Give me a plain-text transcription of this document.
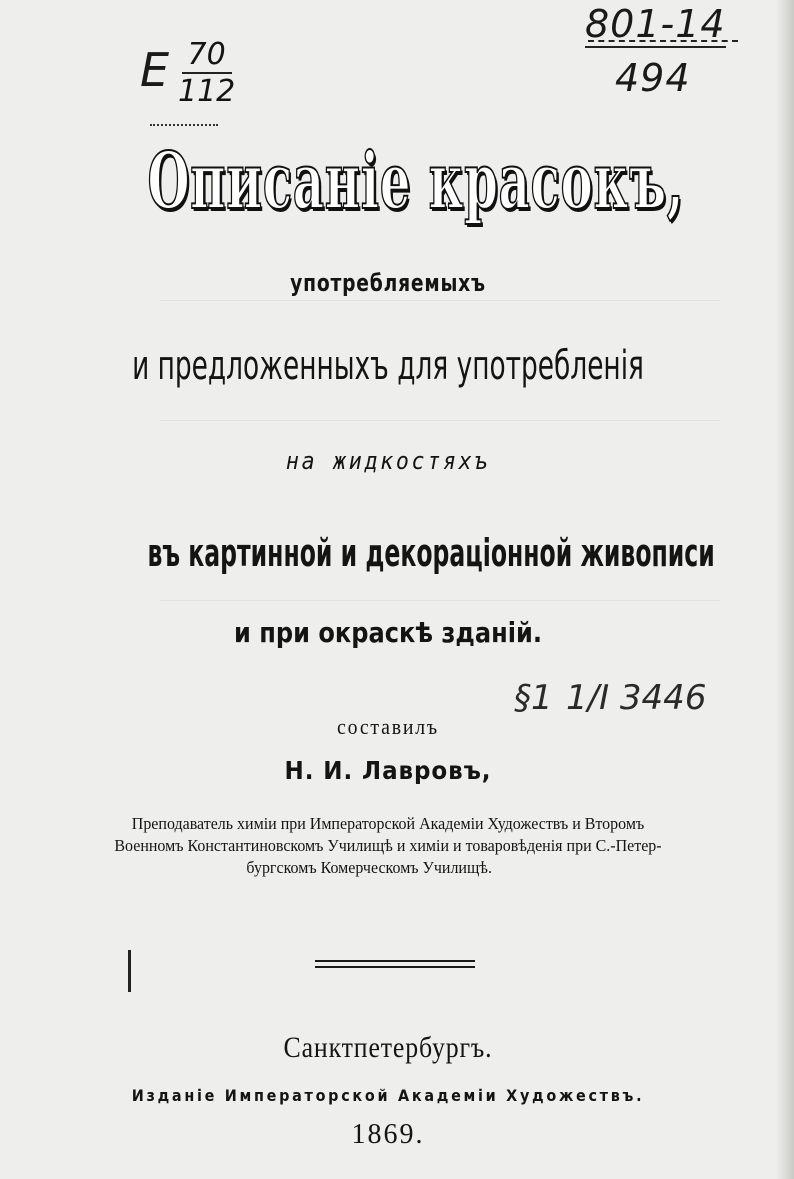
801-14
494
E $\frac{70}{112}$
Описаніе красокъ,
употребляемыхъ
и предложенныхъ для употребленія
на жидкостяхъ
въ картинной и декораціонной живописи
и при окраскѣ зданій.
§1 1/I 3446
составилъ
Н. И. Лавровъ,
Преподаватель химіи при Императорской Академіи Художествъ и Второмъ
Военномъ Константиновскомъ Училищѣ и химіи и товаровѣденія при С.-Петер-
бургскомъ Комерческомъ Училищѣ.
Санктпетербургъ.
Изданіе Императорской Академіи Художествъ.
1869.
